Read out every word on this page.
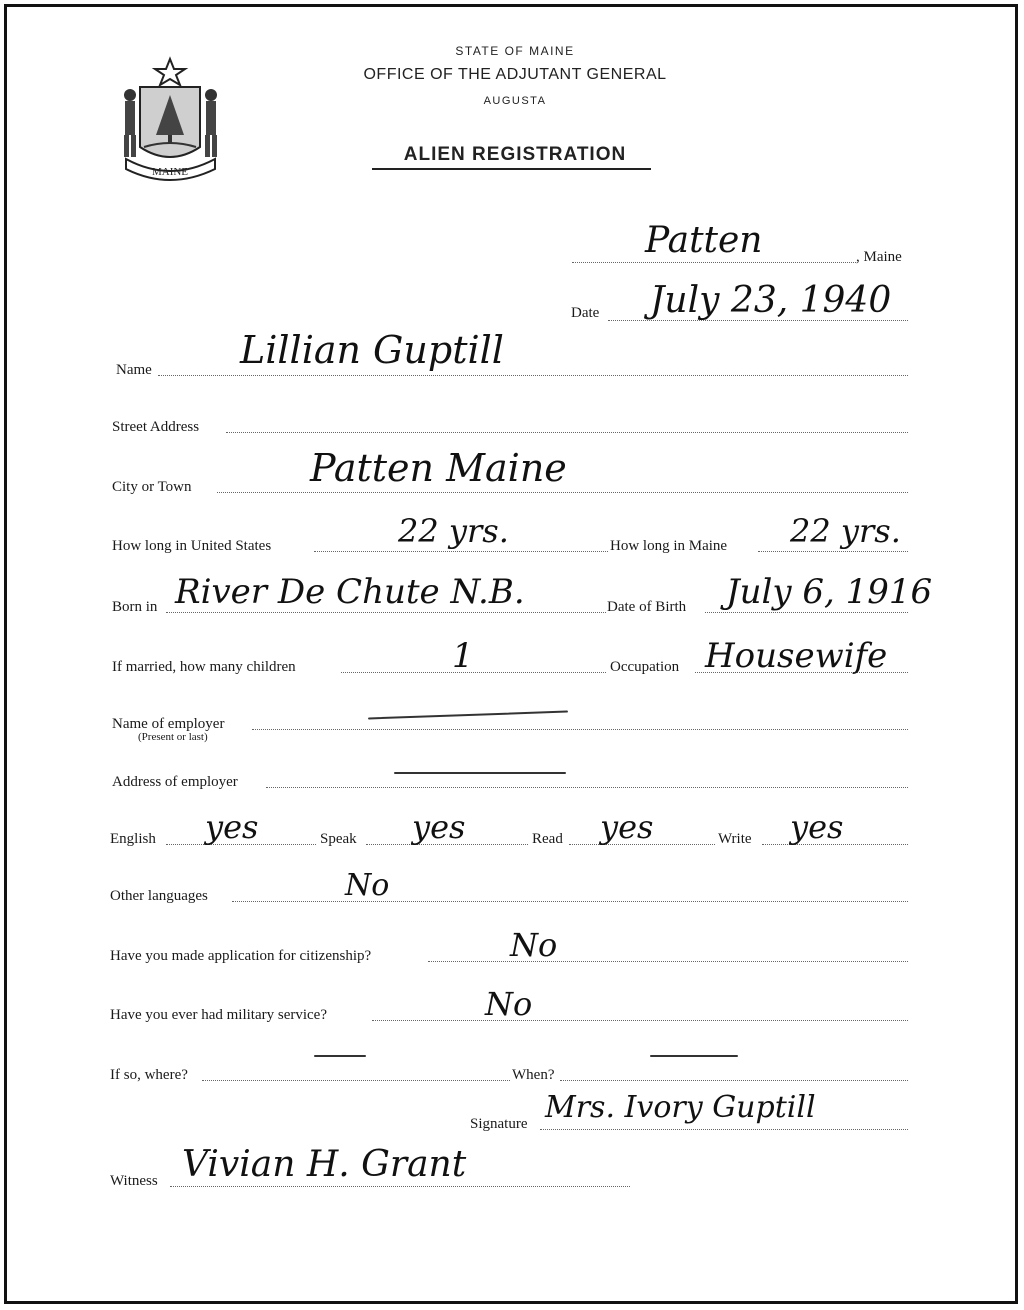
MAINE
STATE OF MAINE
OFFICE OF THE ADJUTANT GENERAL
AUGUSTA
ALIEN REGISTRATION
Patten	, Maine
Date July 23, 1940
Name Lillian Guptill
Street Address
City or Town	Patten Maine
How long in United States	22 yrs.	How long in Maine 22 yrs.
Born in River De Chute N.B.	Date of Birth July 6, 1916
If married, how many children	1	Occupation Housewife
Name of employer
(Present or last)
Address of employer
English yes	Speak yes	Read yes	Write yes
Other languages	No
Have you made application for citizenship?	No
Have you ever had military service?	No
If so, where?	When?
Signature Mrs. Ivory Guptill
Witness Vivian H. Grant
